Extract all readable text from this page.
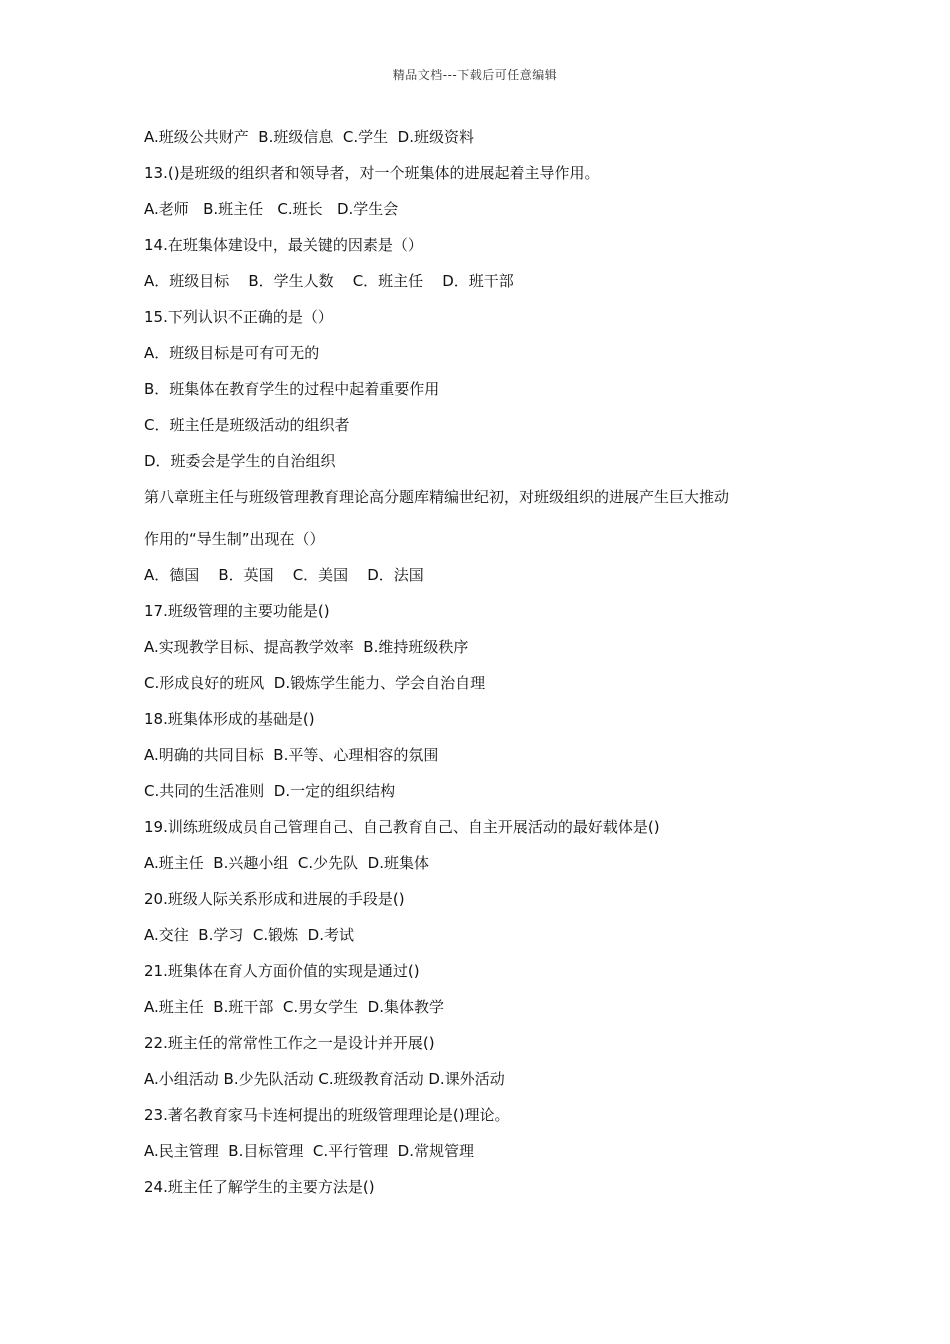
精品文档---下载后可任意编辑
A.班级公共财产  B.班级信息  C.学生  D.班级资料
13.()是班级的组织者和领导者，对一个班集体的进展起着主导作用。
A.老师   B.班主任   C.班长   D.学生会
14.在班集体建设中，最关键的因素是（）
A．班级目标    B．学生人数    C．班主任    D．班干部
15.下列认识不正确的是（）
A．班级目标是可有可无的
B．班集体在教育学生的过程中起着重要作用
C．班主任是班级活动的组织者
D．班委会是学生的自治组织
第八章班主任与班级管理教育理论高分题库精编世纪初，对班级组织的进展产生巨大推动
作用的“导生制”出现在（）
A．德国    B．英国    C．美国    D．法国
17.班级管理的主要功能是()
A.实现教学目标、提高教学效率  B.维持班级秩序
C.形成良好的班风  D.锻炼学生能力、学会自治自理
18.班集体形成的基础是()
A.明确的共同目标  B.平等、心理相容的氛围
C.共同的生活准则  D.一定的组织结构
19.训练班级成员自己管理自己、自己教育自己、自主开展活动的最好载体是()
A.班主任  B.兴趣小组  C.少先队  D.班集体
20.班级人际关系形成和进展的手段是()
A.交往  B.学习  C.锻炼  D.考试
21.班集体在育人方面价值的实现是通过()
A.班主任  B.班干部  C.男女学生  D.集体教学
22.班主任的常常性工作之一是设计并开展()
A.小组活动 B.少先队活动 C.班级教育活动 D.课外活动
23.著名教育家马卡连柯提出的班级管理理论是()理论。
A.民主管理  B.目标管理  C.平行管理  D.常规管理
24.班主任了解学生的主要方法是()
